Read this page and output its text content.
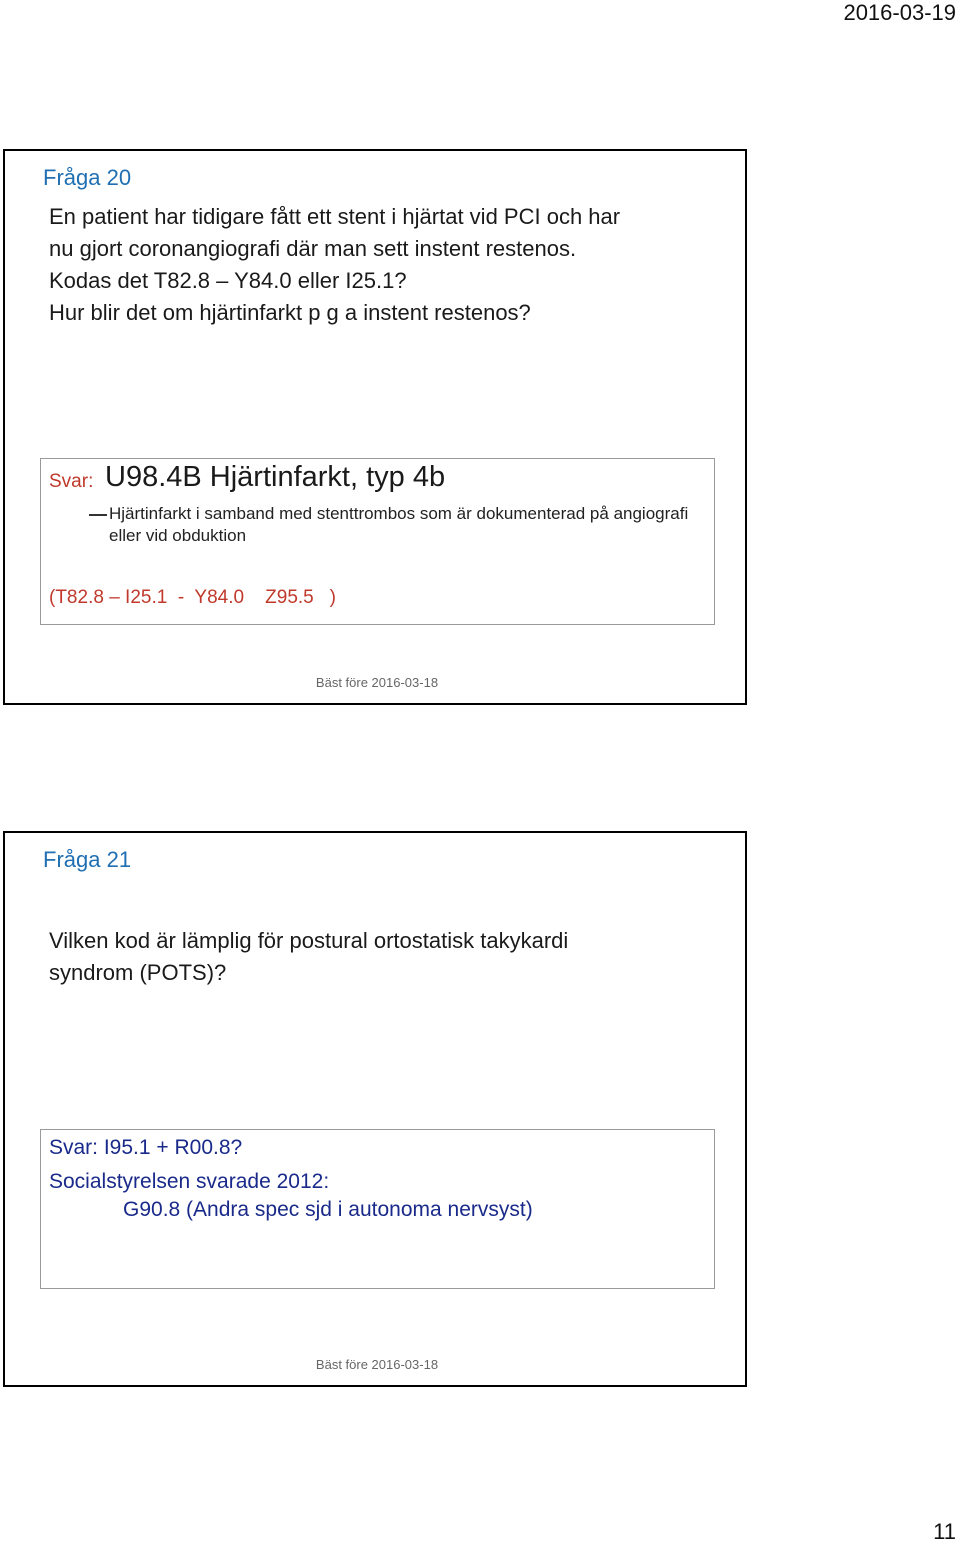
2016-03-19
Fråga 20
En patient har tidigare fått ett stent i hjärtat vid PCI och har
nu gjort coronangiografi där man sett instent restenos.
Kodas det T82.8 – Y84.0 eller I25.1?
Hur blir det om hjärtinfarkt p g a instent restenos?
Svar: U98.4B Hjärtinfarkt, typ 4b
Hjärtinfarkt i samband med stenttrombos som är dokumenterad på angiografi eller vid obduktion
(T82.8 – I25.1  -  Y84.0    Z95.5   )
Bäst före 2016-03-18
Fråga 21
Vilken kod är lämplig för postural ortostatisk takykardi
syndrom (POTS)?
Svar: I95.1 + R00.8?
Socialstyrelsen svarade 2012:
G90.8 (Andra spec sjd i autonoma nervsyst)
Bäst före 2016-03-18
11
